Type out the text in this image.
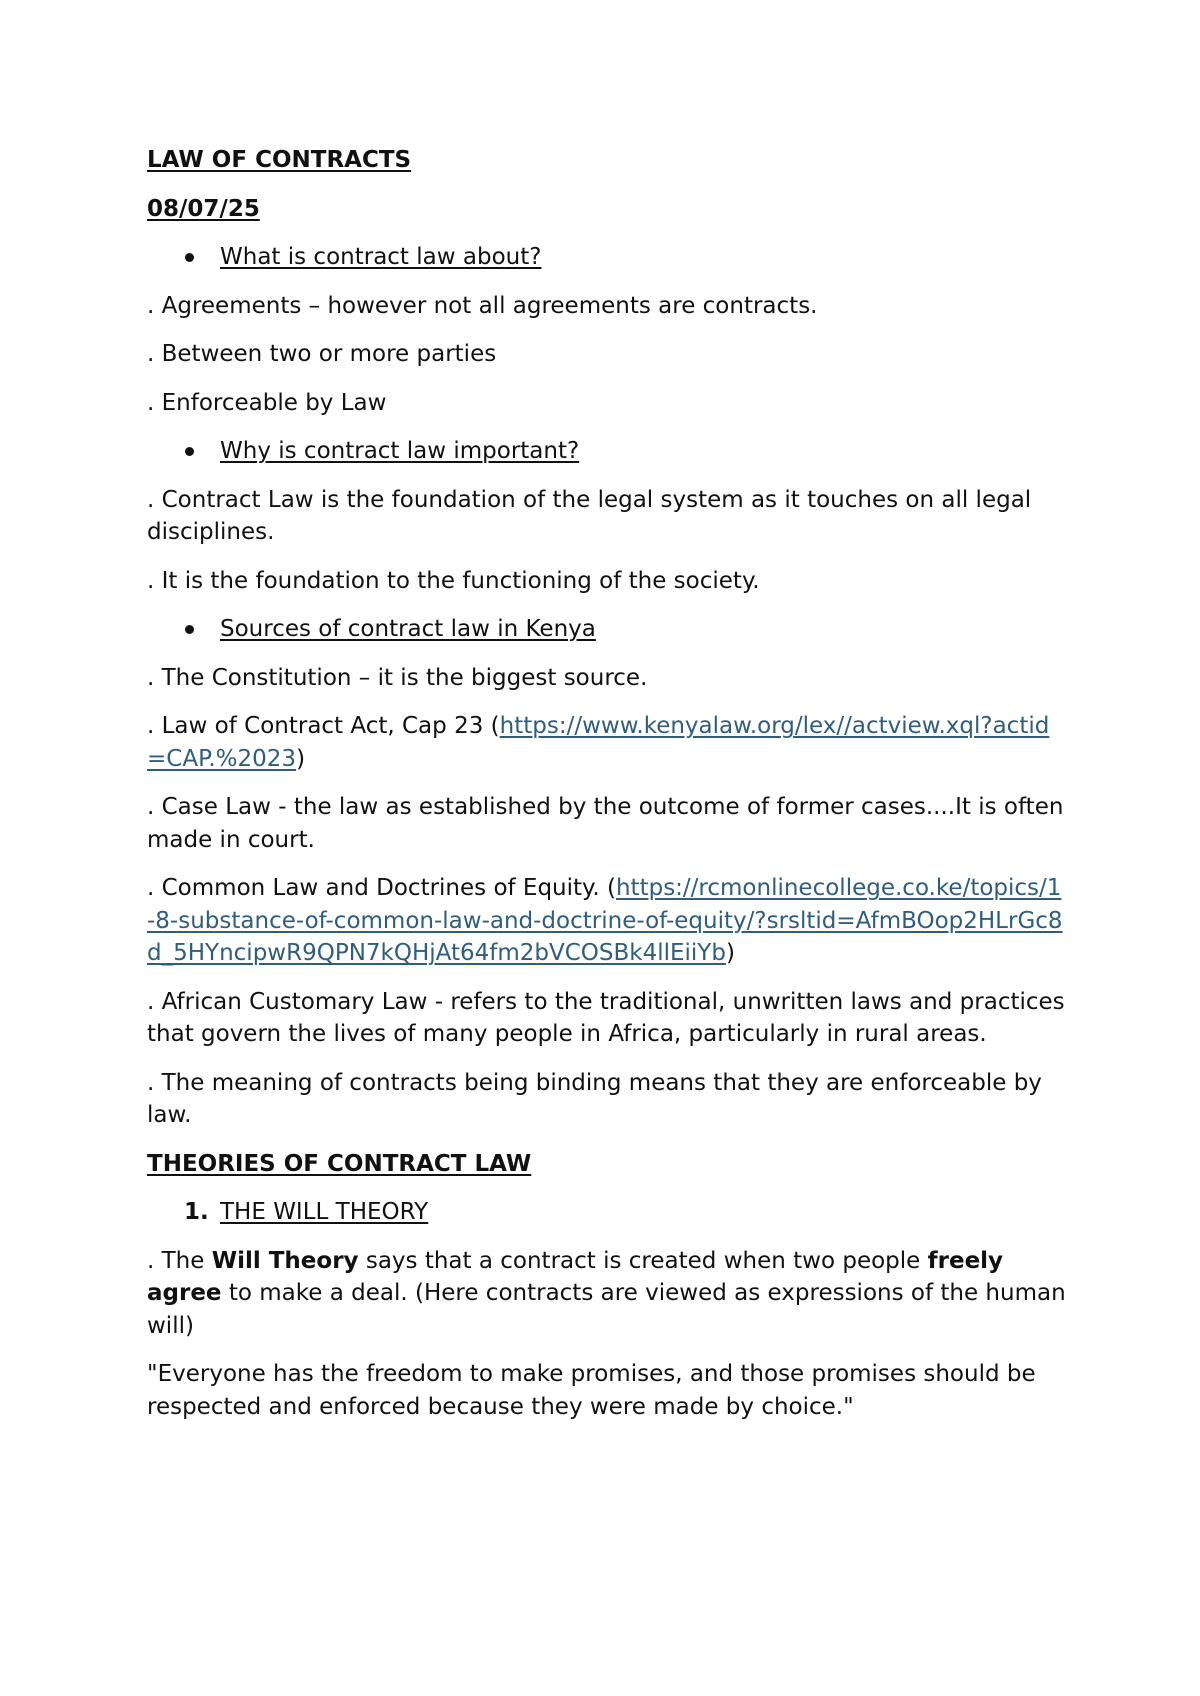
LAW OF CONTRACTS

08/07/25

What is contract law about?

. Agreements – however not all agreements are contracts.

. Between two or more parties

. Enforceable by Law

Why is contract law important?

. Contract Law is the foundation of the legal system as it touches on all legal disciplines.

. It is the foundation to the functioning of the society.

Sources of contract law in Kenya

. The Constitution – it is the biggest source.

. Law of Contract Act, Cap 23 (https://www.kenyalaw.org/lex//actview.xql?actid=CAP.%2023)

. Case Law - the law as established by the outcome of former cases....It is often made in court.

. Common Law and Doctrines of Equity. (https://rcmonlinecollege.co.ke/topics/1-8-substance-of-common-law-and-doctrine-of-equity/?srsltid=AfmBOop2HLrGc8d_5HYncipwR9QPN7kQHjAt64fm2bVCOSBk4llEiiYb)

. African Customary Law - refers to the traditional, unwritten laws and practices that govern the lives of many people in Africa, particularly in rural areas.

. The meaning of contracts being binding means that they are enforceable by law.

THEORIES OF CONTRACT LAW

1. THE WILL THEORY

. The Will Theory says that a contract is created when two people freely agree to make a deal. (Here contracts are viewed as expressions of the human will)

"Everyone has the freedom to make promises, and those promises should be respected and enforced because they were made by choice."
